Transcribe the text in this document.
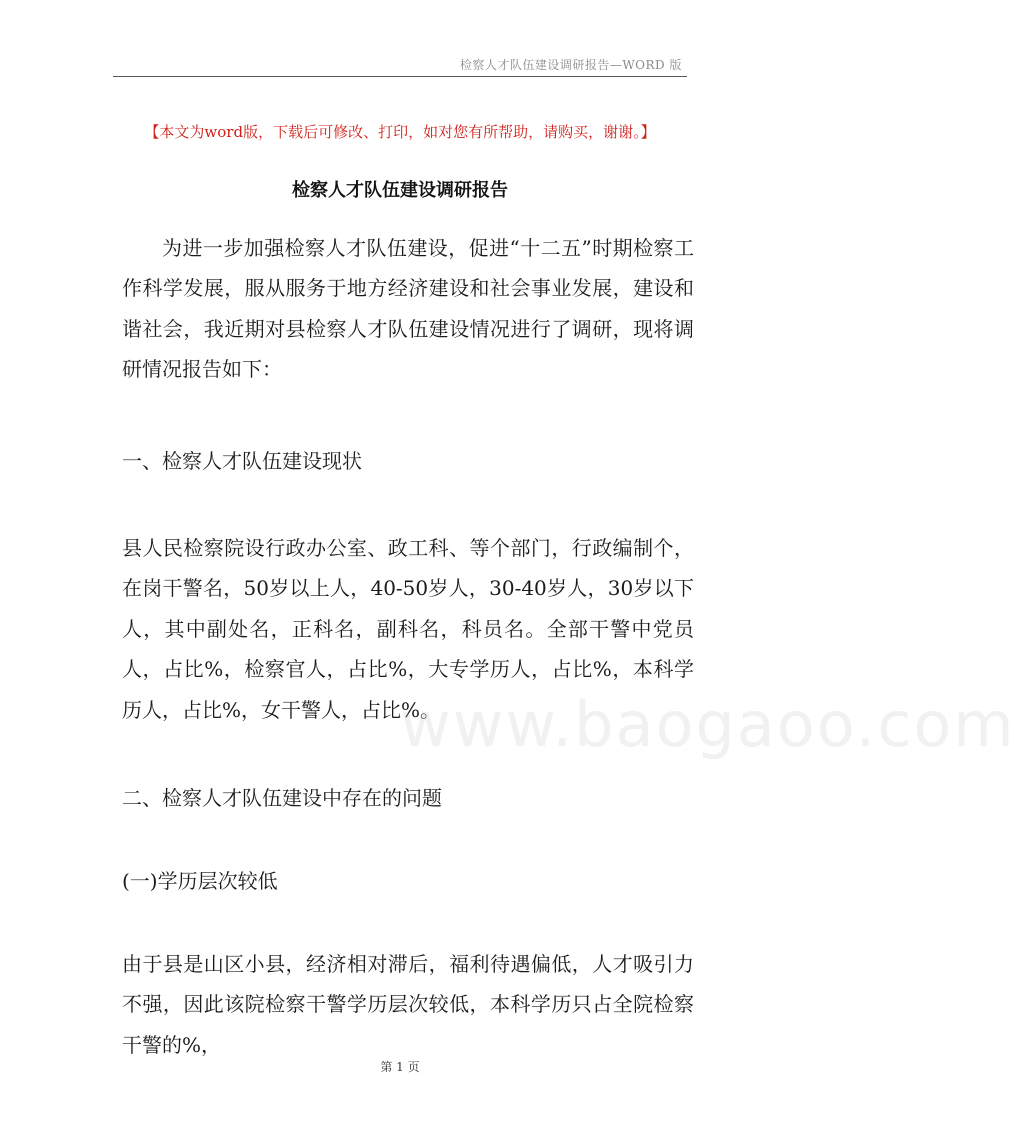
检察人才队伍建设调研报告—WORD 版
【本文为word版，下载后可修改、打印，如对您有所帮助，请购买，谢谢。】
检察人才队伍建设调研报告

为进一步加强检察人才队伍建设，促进“十二五”时期检察工作科学发展，服从服务于地方经济建设和社会事业发展，建设和谐社会，我近期对县检察人才队伍建设情况进行了调研，现将调研情况报告如下：

一、检察人才队伍建设现状

县人民检察院设行政办公室、政工科、等个部门，行政编制个，在岗干警名，50岁以上人，40-50岁人，30-40岁人，30岁以下人，其中副处名，正科名，副科名，科员名。全部干警中党员人，占比%，检察官人，占比%，大专学历人，占比%，本科学历人，占比%，女干警人，占比%。

www.baogaoo.com
二、检察人才队伍建设中存在的问题
(一)学历层次较低

由于县是山区小县，经济相对滞后，福利待遇偏低，人才吸引力不强，因此该院检察干警学历层次较低，本科学历只占全院检察干警的%，

第 1 页
